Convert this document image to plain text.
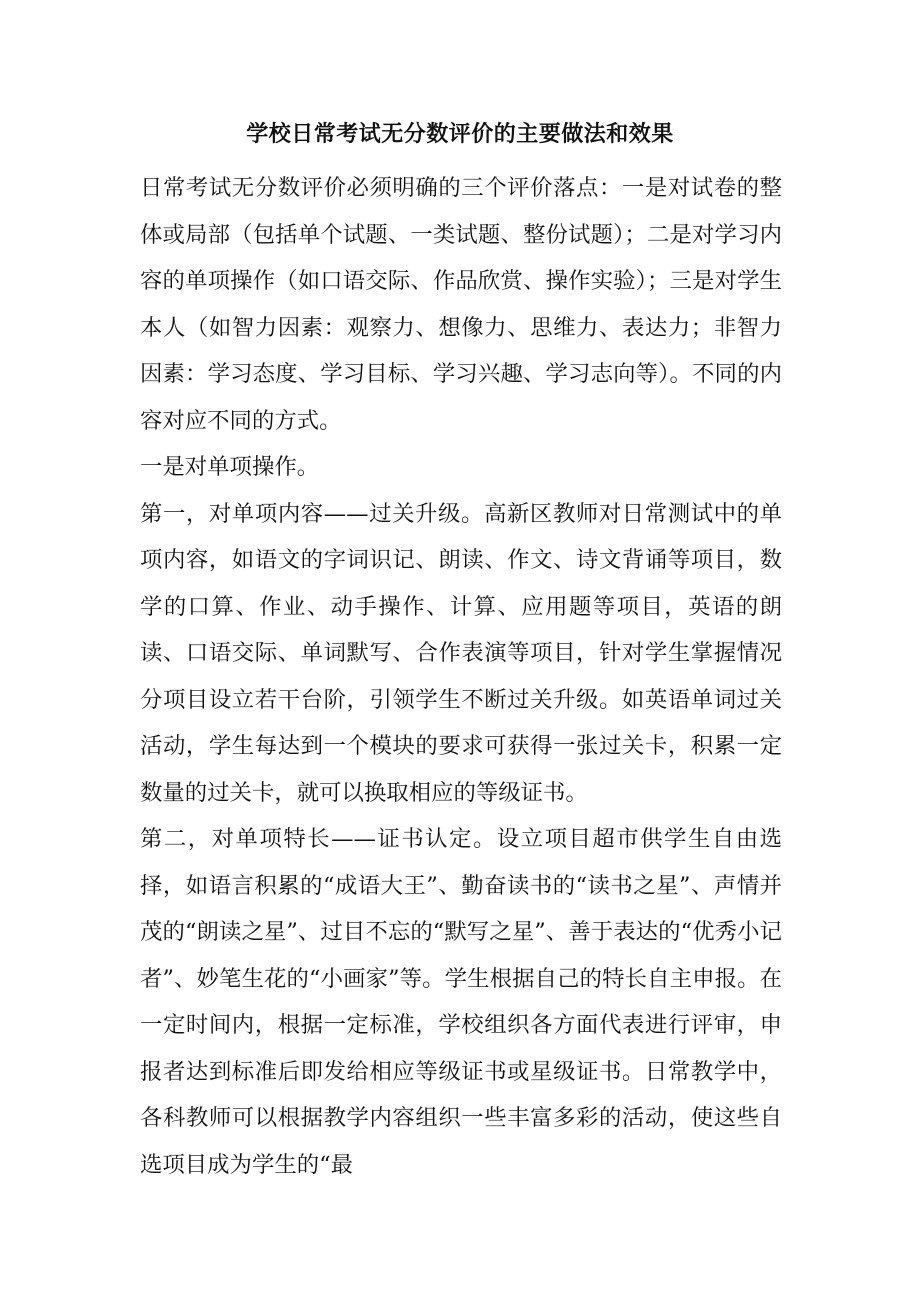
学校日常考试无分数评价的主要做法和效果

日常考试无分数评价必须明确的三个评价落点：一是对试卷的整体或局部（包括单个试题、一类试题、整份试题）；二是对学习内容的单项操作（如口语交际、作品欣赏、操作实验）；三是对学生本人（如智力因素：观察力、想像力、思维力、表达力；非智力因素：学习态度、学习目标、学习兴趣、学习志向等）。不同的内容对应不同的方式。

一是对单项操作。

第一，对单项内容——过关升级。高新区教师对日常测试中的单项内容，如语文的字词识记、朗读、作文、诗文背诵等项目，数学的口算、作业、动手操作、计算、应用题等项目，英语的朗读、口语交际、单词默写、合作表演等项目，针对学生掌握情况分项目设立若干台阶，引领学生不断过关升级。如英语单词过关活动，学生每达到一个模块的要求可获得一张过关卡，积累一定数量的过关卡，就可以换取相应的等级证书。

第二，对单项特长——证书认定。设立项目超市供学生自由选择，如语言积累的“成语大王”、勤奋读书的“读书之星”、声情并茂的“朗读之星”、过目不忘的“默写之星”、善于表达的“优秀小记者”、妙笔生花的“小画家”等。学生根据自己的特长自主申报。在一定时间内，根据一定标准，学校组织各方面代表进行评审，申报者达到标准后即发给相应等级证书或星级证书。日常教学中，各科教师可以根据教学内容组织一些丰富多彩的活动，使这些自选项目成为学生的“最
